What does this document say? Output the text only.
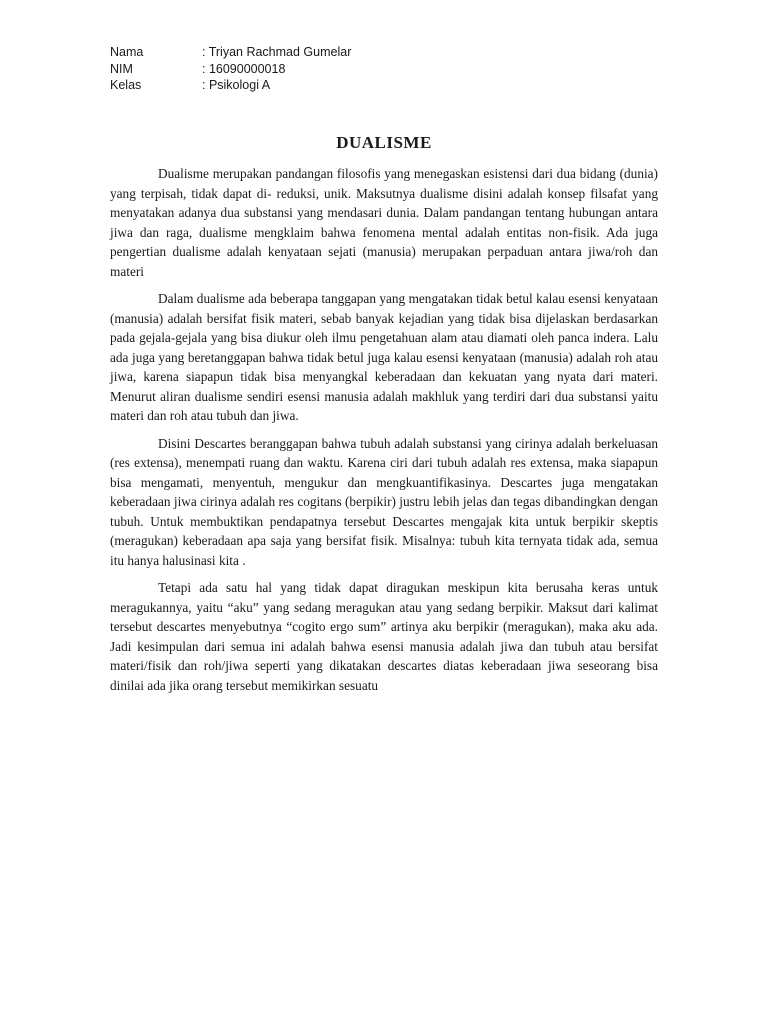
Nama	: Triyan Rachmad Gumelar
NIM	: 16090000018
Kelas	: Psikologi A
DUALISME

Dualisme merupakan pandangan filosofis yang menegaskan esistensi dari dua bidang (dunia) yang terpisah, tidak dapat di- reduksi, unik. Maksutnya dualisme disini adalah konsep filsafat yang menyatakan adanya dua substansi yang mendasari dunia. Dalam pandangan tentang hubungan antara jiwa dan raga, dualisme mengklaim bahwa fenomena mental adalah entitas non-fisik. Ada juga pengertian dualisme adalah kenyataan sejati (manusia) merupakan perpaduan antara jiwa/roh dan materi

Dalam dualisme ada beberapa tanggapan yang mengatakan tidak betul kalau esensi kenyataan (manusia) adalah bersifat fisik materi, sebab banyak kejadian yang tidak bisa dijelaskan berdasarkan pada gejala-gejala yang bisa diukur oleh ilmu pengetahuan alam atau diamati oleh panca indera. Lalu ada juga yang beretanggapan bahwa tidak betul juga kalau esensi kenyataan (manusia) adalah roh atau jiwa, karena siapapun tidak bisa menyangkal keberadaan dan kekuatan yang nyata dari materi. Menurut aliran dualisme sendiri esensi manusia adalah makhluk yang terdiri dari dua substansi yaitu materi dan roh atau tubuh dan jiwa.

Disini Descartes beranggapan bahwa tubuh adalah substansi yang cirinya adalah berkeluasan (res extensa), menempati ruang dan waktu. Karena ciri dari tubuh adalah res extensa, maka siapapun bisa mengamati, menyentuh, mengukur dan mengkuantifikasinya. Descartes juga mengatakan keberadaan jiwa cirinya adalah res cogitans (berpikir) justru lebih jelas dan tegas dibandingkan dengan tubuh. Untuk membuktikan pendapatnya tersebut Descartes mengajak kita untuk berpikir skeptis (meragukan) keberadaan apa saja yang bersifat fisik. Misalnya: tubuh kita ternyata tidak ada, semua itu hanya halusinasi kita .

Tetapi ada satu hal yang tidak dapat diragukan meskipun kita berusaha keras untuk meragukannya, yaitu “aku” yang sedang meragukan atau yang sedang berpikir. Maksut dari kalimat tersebut descartes menyebutnya “cogito ergo sum” artinya aku berpikir (meragukan), maka aku ada. Jadi kesimpulan dari semua ini adalah bahwa esensi manusia adalah jiwa dan tubuh atau bersifat materi/fisik dan roh/jiwa seperti yang dikatakan descartes diatas keberadaan jiwa seseorang bisa dinilai ada jika orang tersebut memikirkan sesuatu
